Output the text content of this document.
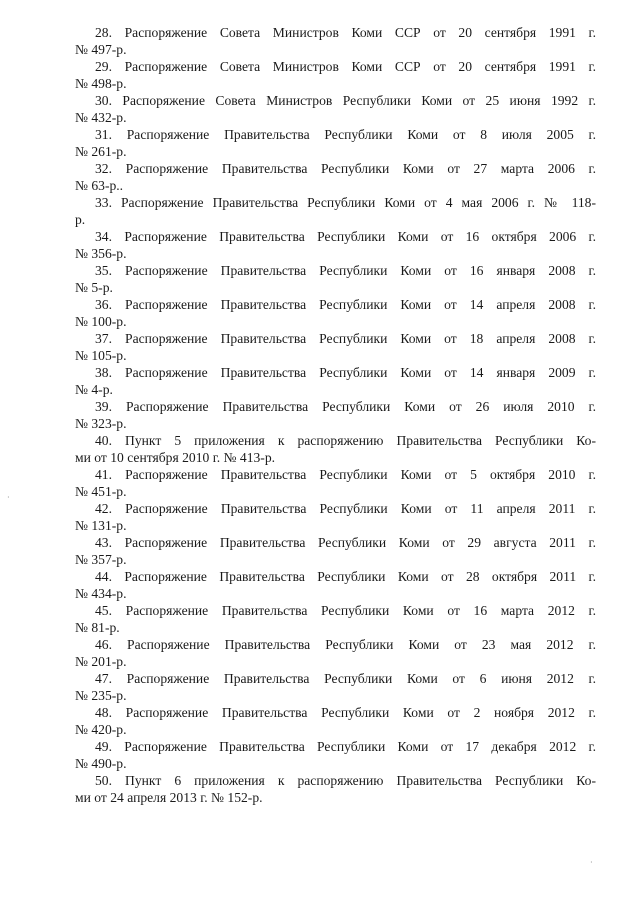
28. Распоряжение Совета Министров Коми ССР от 20 сентября 1991 г.
№ 497-р.

29. Распоряжение Совета Министров Коми ССР от 20 сентября 1991 г.
№ 498-р.

30. Распоряжение Совета Министров Республики Коми от 25 июня 1992 г.
№ 432-р.

31. Распоряжение Правительства Республики Коми от 8 июля 2005 г.
№ 261-р.

32. Распоряжение Правительства Республики Коми от 27 марта 2006 г.
№ 63-р..

33. Распоряжение Правительства Республики Коми от 4 мая 2006 г. № 118-
р.

34. Распоряжение Правительства Республики Коми от 16 октября 2006 г.
№ 356-р.

35. Распоряжение Правительства Республики Коми от 16 января 2008 г.
№ 5-р.

36. Распоряжение Правительства Республики Коми от 14 апреля 2008 г.
№ 100-р.

37. Распоряжение Правительства Республики Коми от 18 апреля 2008 г.
№ 105-р.

38. Распоряжение Правительства Республики Коми от 14 января 2009 г.
№ 4-р.

39. Распоряжение Правительства Республики Коми от 26 июля 2010 г.
№ 323-р.

40. Пункт 5 приложения к распоряжению Правительства Республики Ко-
ми от 10 сентября 2010 г. № 413-р.

41. Распоряжение Правительства Республики Коми от 5 октября 2010 г.
№ 451-р.

42. Распоряжение Правительства Республики Коми от 11 апреля 2011 г.
№ 131-р.

43. Распоряжение Правительства Республики Коми от 29 августа 2011 г.
№ 357-р.

44. Распоряжение Правительства Республики Коми от 28 октября 2011 г.
№ 434-р.

45. Распоряжение Правительства Республики Коми от 16 марта 2012 г.
№ 81-р.

46. Распоряжение Правительства Республики Коми от 23 мая 2012 г.
№ 201-р.

47. Распоряжение Правительства Республики Коми от 6 июня 2012 г.
№ 235-р.

48. Распоряжение Правительства Республики Коми от 2 ноября 2012 г.
№ 420-р.

49. Распоряжение Правительства Республики Коми от 17 декабря 2012 г.
№ 490-р.

50. Пункт 6 приложения к распоряжению Правительства Республики Ко-
ми от 24 апреля 2013 г. № 152-р.

·
·
